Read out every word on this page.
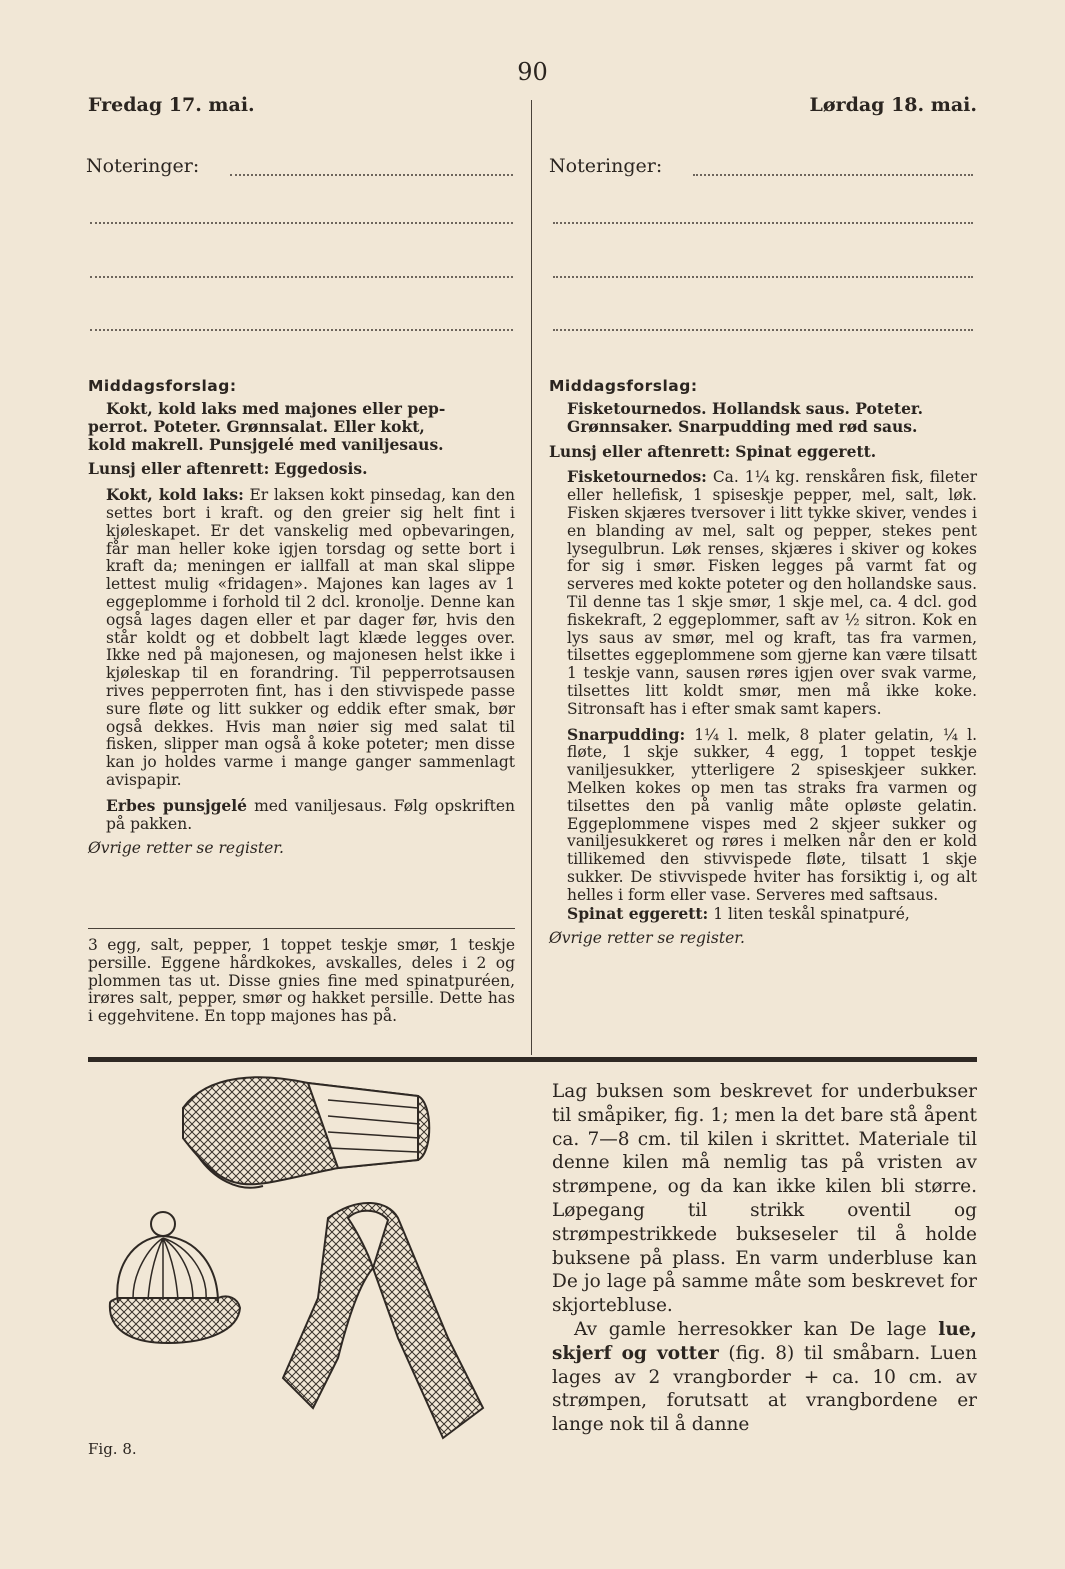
90
Fredag 17. mai.	Lørdag 18. mai.
Noteringer:	Noteringer:
Middagsforslag:

Kokt, kold laks med majones eller pep-

perrot. Poteter. Grønnsalat. Eller kokt,

kold makrell. Punsjgelé med vaniljesaus.

Lunsj eller aftenrett: Eggedosis.

Kokt, kold laks: Er laksen kokt pinsedag, kan den settes bort i kraft. og den greier sig helt fint i kjøleskapet. Er det vanskelig med opbevaringen, får man heller koke igjen torsdag og sette bort i kraft da; meningen er iallfall at man skal slippe lettest mulig «fridagen». Majones kan lages av 1 eggeplomme i forhold til 2 dcl. kronolje. Denne kan også lages dagen eller et par dager før, hvis den står koldt og et dobbelt lagt klæde legges over. Ikke ned på majonesen, og majonesen helst ikke i kjøleskap til en forandring. Til pepperrotsausen rives pepperroten fint, has i den stivvispede passe sure fløte og litt sukker og eddik efter smak, bør også dekkes. Hvis man nøier sig med salat til fisken, slipper man også å koke poteter; men disse kan jo holdes varme i mange ganger sammenlagt avispapir.

Erbes punsjgelé med vaniljesaus. Følg opskriften på pakken.

Øvrige retter se register.

3 egg, salt, pepper, 1 toppet teskje smør, 1 teskje persille. Eggene hårdkokes, avskalles, deles i 2 og plommen tas ut. Disse gnies fine med spinatpuréen, irøres salt, pepper, smør og hakket persille. Dette has i eggehvitene. En topp majones has på.

Middagsforslag:

Fisketournedos. Hollandsk saus. Poteter.

Grønnsaker. Snarpudding med rød saus.

Lunsj eller aftenrett: Spinat eggerett.

Fisketournedos: Ca. 1¼ kg. renskåren fisk, fileter eller hellefisk, 1 spiseskje pepper, mel, salt, løk. Fisken skjæres tversover i litt tykke skiver, vendes i en blanding av mel, salt og pepper, stekes pent lysegulbrun. Løk renses, skjæres i skiver og kokes for sig i smør. Fisken legges på varmt fat og serveres med kokte poteter og den hollandske saus. Til denne tas 1 skje smør, 1 skje mel, ca. 4 dcl. god fiskekraft, 2 eggeplommer, saft av ½ sitron. Kok en lys saus av smør, mel og kraft, tas fra varmen, tilsettes eggeplommene som gjerne kan være tilsatt 1 teskje vann, sausen røres igjen over svak varme, tilsettes litt koldt smør, men må ikke koke. Sitronsaft has i efter smak samt kapers.

Snarpudding: 1¼ l. melk, 8 plater gelatin, ¼ l. fløte, 1 skje sukker, 4 egg, 1 toppet teskje vaniljesukker, ytterligere 2 spiseskjeer sukker. Melken kokes op men tas straks fra varmen og tilsettes den på vanlig måte opløste gelatin. Eggeplommene vispes med 2 skjeer sukker og vaniljesukkeret og røres i melken når den er kold tillikemed den stivvispede fløte, tilsatt 1 skje sukker. De stivvispede hviter has forsiktig i, og alt helles i form eller vase. Serveres med saftsaus.

Spinat eggerett: 1 liten teskål spinatpuré,

Øvrige retter se register.

Fig. 8.

Lag buksen som beskrevet for underbukser til småpiker, fig. 1; men la det bare stå åpent ca. 7—8 cm. til kilen i skrittet. Materiale til denne kilen må nemlig tas på vristen av strømpene, og da kan ikke kilen bli større. Løpegang til strikk oventil og strømpestrikkede bukseseler til å holde buksene på plass. En varm underbluse kan De jo lage på samme måte som beskrevet for skjortebluse.

Av gamle herresokker kan De lage lue, skjerf og votter (fig. 8) til småbarn. Luen lages av 2 vrangborder + ca. 10 cm. av strømpen, forutsatt at vrangbordene er lange nok til å danne
